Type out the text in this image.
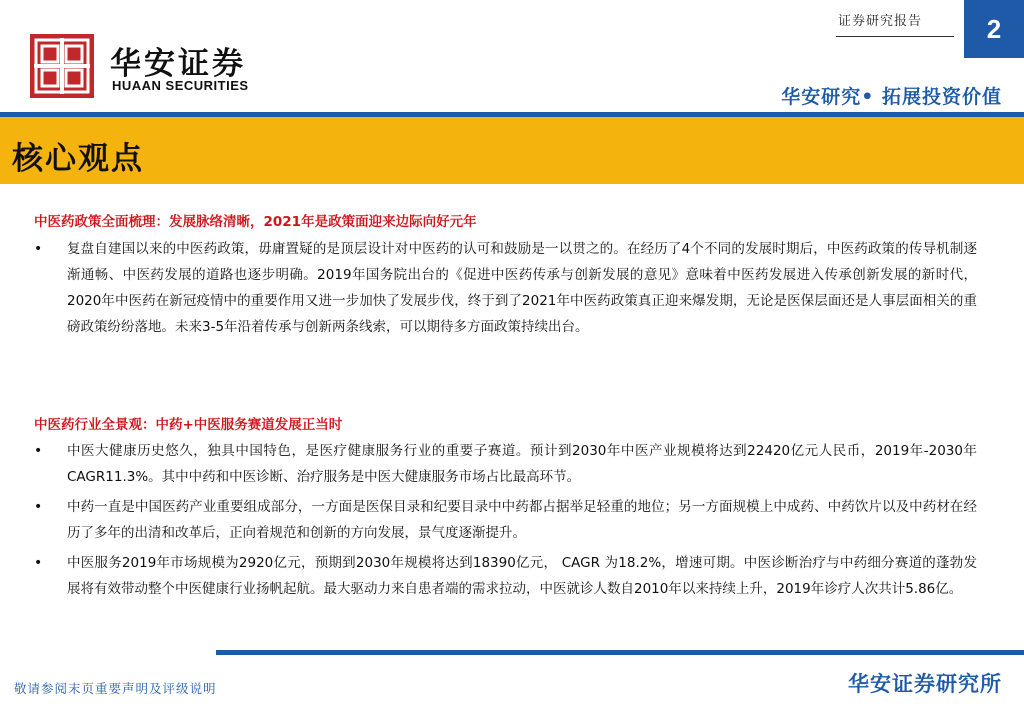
华安证券
HUAAN SECURITIES
证券研究报告	2
华安研究• 拓展投资价值
核心观点
中医药政策全面梳理：发展脉络清晰，2021年是政策面迎来边际向好元年
• 复盘自建国以来的中医药政策，毋庸置疑的是顶层设计对中医药的认可和鼓励是一以贯之的。在经历了4个不同的发展时期后，中医药政策的传导机制逐渐通畅、中医药发展的道路也逐步明确。2019年国务院出台的《促进中医药传承与创新发展的意见》意味着中医药发展进入传承创新发展的新时代，2020年中医药在新冠疫情中的重要作用又进一步加快了发展步伐，终于到了2021年中医药政策真正迎来爆发期，无论是医保层面还是人事层面相关的重磅政策纷纷落地。未来3-5年沿着传承与创新两条线索，可以期待多方面政策持续出台。
中医药行业全景观：中药+中医服务赛道发展正当时
• 中医大健康历史悠久，独具中国特色，是医疗健康服务行业的重要子赛道。预计到2030年中医产业规模将达到22420亿元人民币，2019年-2030年 CAGR11.3%。其中中药和中医诊断、治疗服务是中医大健康服务市场占比最高环节。
• 中药一直是中国医药产业重要组成部分，一方面是医保目录和纪要目录中中药都占据举足轻重的地位；另一方面规模上中成药、中药饮片以及中药材在经历了多年的出清和改革后，正向着规范和创新的方向发展，景气度逐渐提升。
• 中医服务2019年市场规模为2920亿元，预期到2030年规模将达到18390亿元， CAGR 为18.2%，增速可期。中医诊断治疗与中药细分赛道的蓬勃发展将有效带动整个中医健康行业扬帆起航。最大驱动力来自患者端的需求拉动，中医就诊人数自2010年以来持续上升，2019年诊疗人次共计5.86亿。
敬请参阅末页重要声明及评级说明	华安证券研究所
